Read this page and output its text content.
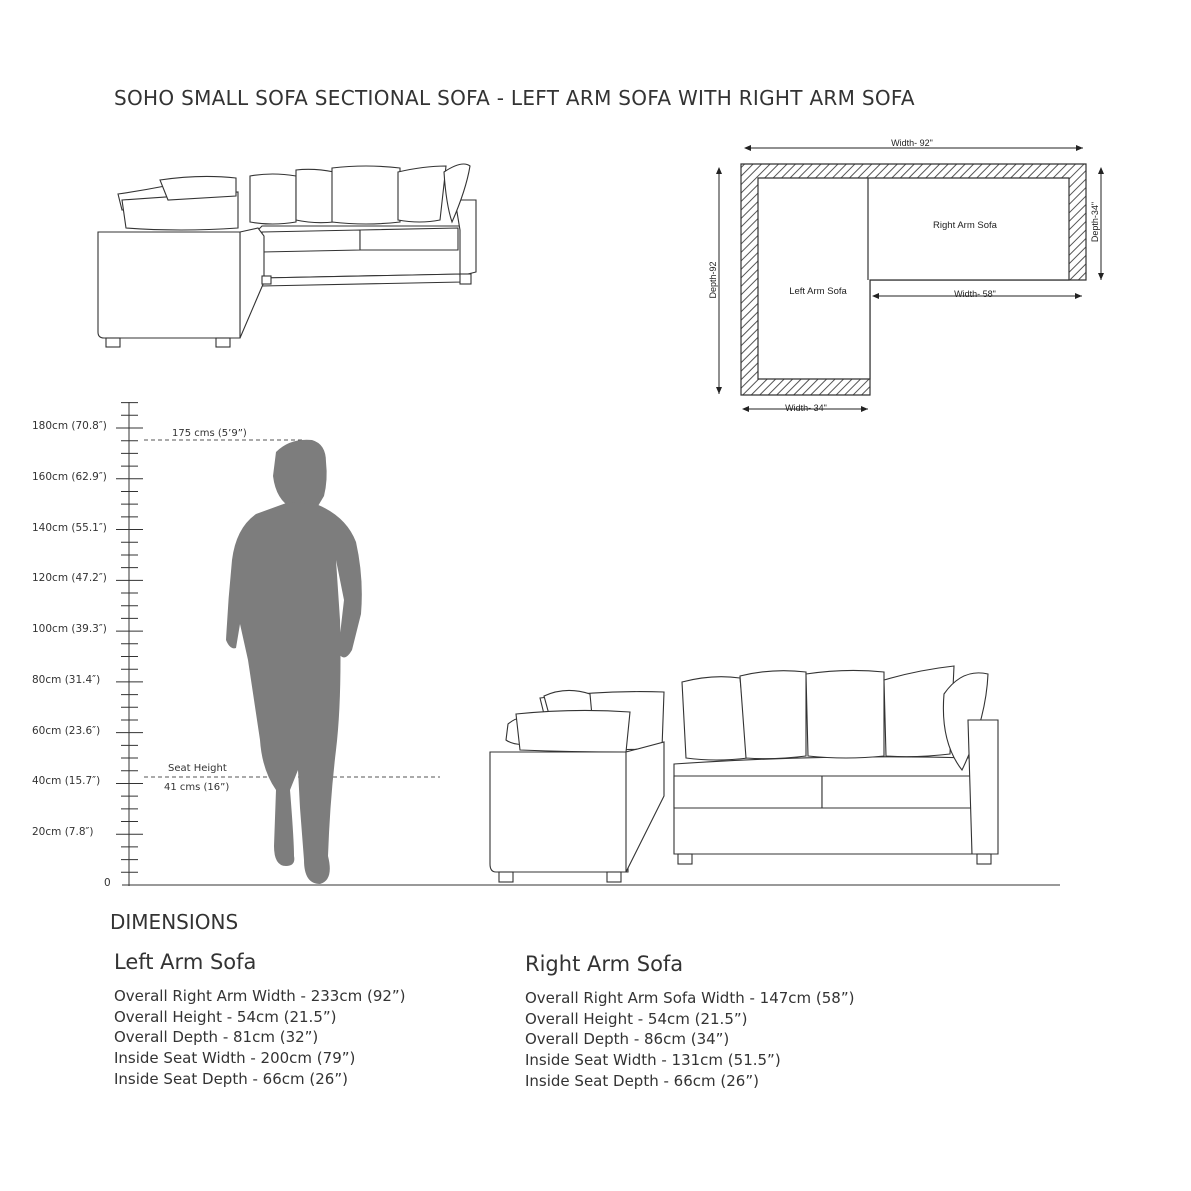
SOHO SMALL SOFA SECTIONAL SOFA - LEFT ARM SOFA WITH RIGHT ARM SOFA
Width- 92"
Depth-92
Depth-34"
Right Arm Sofa
Left Arm Sofa	Width- 58"
Width- 34"
180cm (70.8″)
160cm (62.9″)
140cm (55.1″)
120cm (47.2″)
100cm (39.3″)
80cm (31.4″)
60cm (23.6″)
40cm (15.7″)
20cm (7.8″)
0
175 cms (5’9”)
Seat Height
41 cms (16”)
DIMENSIONS
Left Arm Sofa
Overall Right Arm Width - 233cm (92”)
Overall Height - 54cm (21.5”)
Overall Depth - 81cm (32”)
Inside Seat Width - 200cm (79”)
Inside Seat Depth - 66cm (26”)
Right Arm Sofa
Overall Right Arm Sofa Width - 147cm (58”)
Overall Height - 54cm (21.5”)
Overall Depth - 86cm (34”)
Inside Seat Width - 131cm (51.5”)
Inside Seat Depth - 66cm (26”)
